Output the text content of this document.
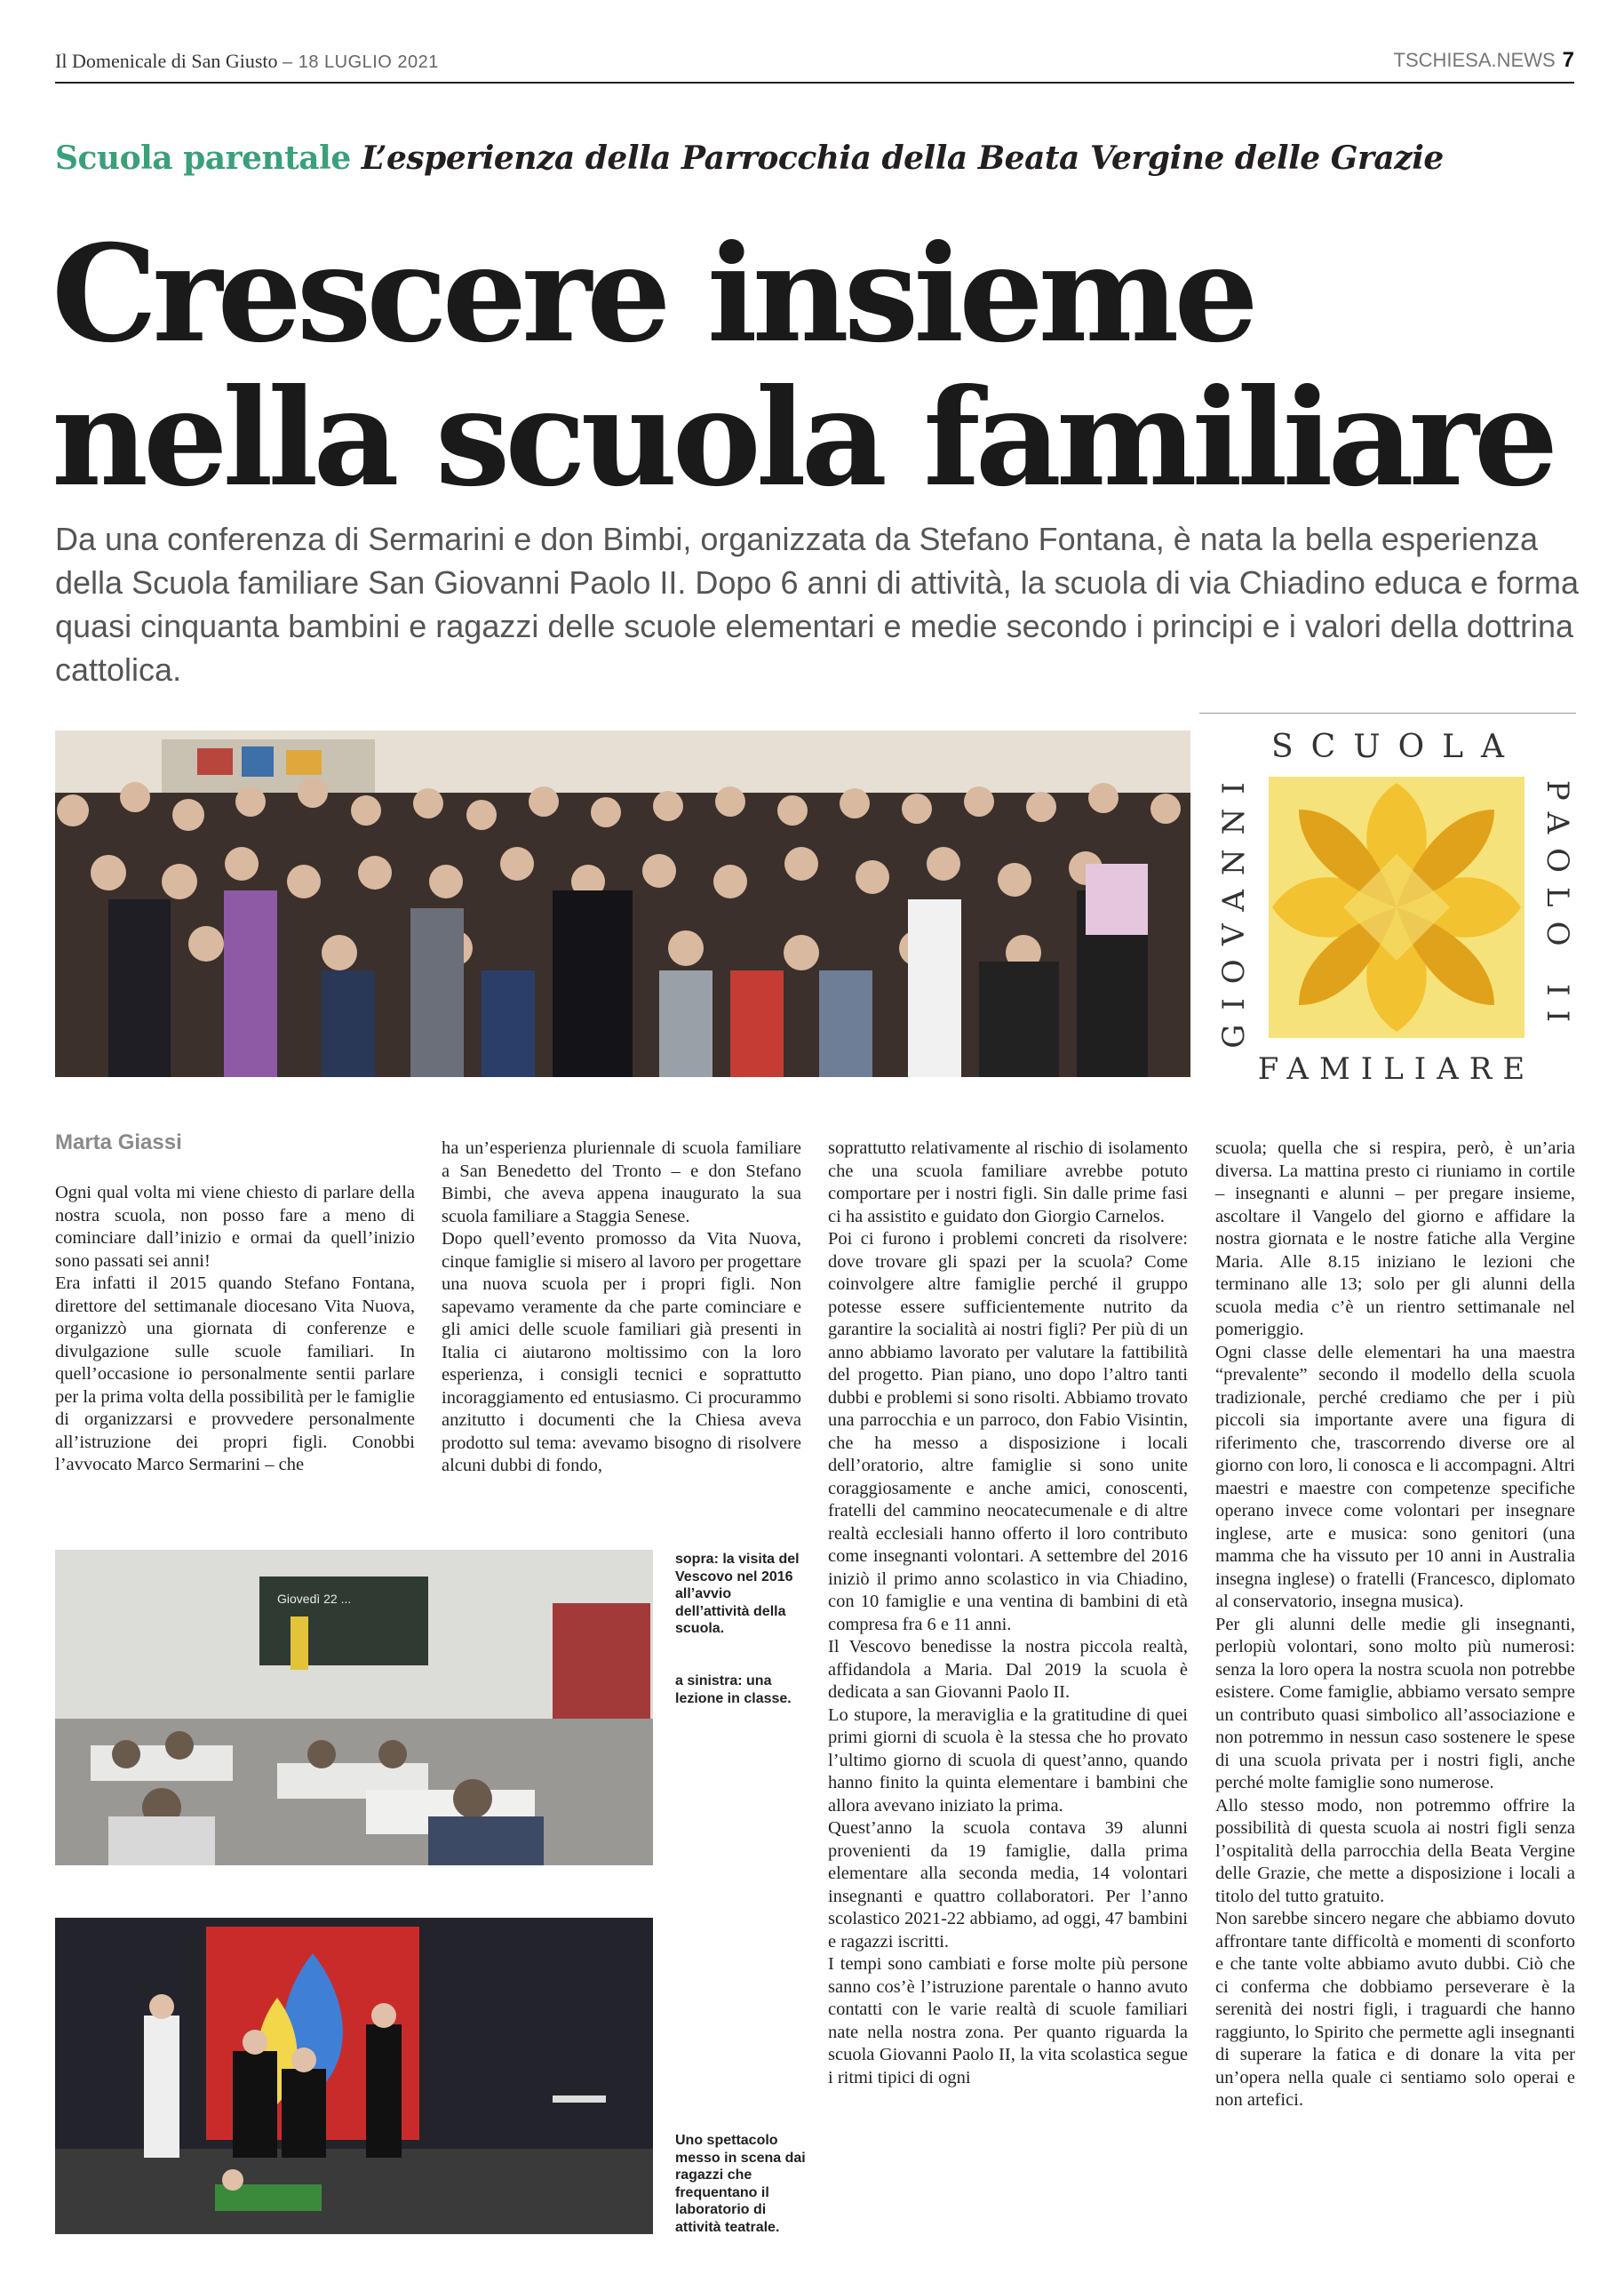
Il Domenicale di San Giusto – 18 LUGLIO 2021	TSCHIESA.NEWS 7
Scuola parentale L’esperienza della Parrocchia della Beata Vergine delle Grazie
Crescere insieme
nella scuola familiare
Da una conferenza di Sermarini e don Bimbi, organizzata da Stefano Fontana, è nata la bella esperienza della Scuola familiare San Giovanni Paolo II. Dopo 6 anni di attività, la scuola di via Chiadino educa e forma quasi cinquanta bambini e ragazzi delle scuole elementari e medie secondo i principi e i valori della dottrina cattolica.
SCUOLA
FAMILIARE
GIOVANNI	PAOLO II
Marta Giassi

Ogni qual volta mi viene chiesto di parlare della nostra scuola, non posso fare a meno di cominciare dall’inizio e ormai da quell’inizio sono passati sei anni!

Era infatti il 2015 quando Stefano Fontana, direttore del settimanale diocesano Vita Nuova, organizzò una giornata di conferenze e divulgazione sulle scuole familiari. In quell’occasione io personalmente sentii parlare per la prima volta della possibilità per le famiglie di organizzarsi e provvedere personalmente all’istruzione dei propri figli. Conobbi l’avvocato Marco Sermarini – che

ha un’esperienza pluriennale di scuola familiare a San Benedetto del Tronto – e don Stefano Bimbi, che aveva appena inaugurato la sua scuola familiare a Staggia Senese.

Dopo quell’evento promosso da Vita Nuova, cinque famiglie si misero al lavoro per progettare una nuova scuola per i propri figli. Non sapevamo veramente da che parte cominciare e gli amici delle scuole familiari già presenti in Italia ci aiutarono moltissimo con la loro esperienza, i consigli tecnici e soprattutto incoraggiamento ed entusiasmo. Ci procurammo anzitutto i documenti che la Chiesa aveva prodotto sul tema: avevamo bisogno di risolvere alcuni dubbi di fondo,

soprattutto relativamente al rischio di isolamento che una scuola familiare avrebbe potuto comportare per i nostri figli. Sin dalle prime fasi ci ha assistito e guidato don Giorgio Carnelos.

Poi ci furono i problemi concreti da risolvere: dove trovare gli spazi per la scuola? Come coinvolgere altre famiglie perché il gruppo potesse essere sufficientemente nutrito da garantire la socialità ai nostri figli? Per più di un anno abbiamo lavorato per valutare la fattibilità del progetto. Pian piano, uno dopo l’altro tanti dubbi e problemi si sono risolti. Abbiamo trovato una parrocchia e un parroco, don Fabio Visintin, che ha messo a disposizione i locali dell’oratorio, altre famiglie si sono unite coraggiosamente e anche amici, conoscenti, fratelli del cammino neocatecumenale e di altre realtà ecclesiali hanno offerto il loro contributo come insegnanti volontari. A settembre del 2016 iniziò il primo anno scolastico in via Chiadino, con 10 famiglie e una ventina di bambini di età compresa fra 6 e 11 anni.

Il Vescovo benedisse la nostra piccola realtà, affidandola a Maria. Dal 2019 la scuola è dedicata a san Giovanni Paolo II.

Lo stupore, la meraviglia e la gratitudine di quei primi giorni di scuola è la stessa che ho provato l’ultimo giorno di scuola di quest’anno, quando hanno finito la quinta elementare i bambini che allora avevano iniziato la prima.

Quest’anno la scuola contava 39 alunni provenienti da 19 famiglie, dalla prima elementare alla seconda media, 14 volontari insegnanti e quattro collaboratori. Per l’anno scolastico 2021-22 abbiamo, ad oggi, 47 bambini e ragazzi iscritti.

I tempi sono cambiati e forse molte più persone sanno cos’è l’istruzione parentale o hanno avuto contatti con le varie realtà di scuole familiari nate nella nostra zona. Per quanto riguarda la scuola Giovanni Paolo II, la vita scolastica segue i ritmi tipici di ogni

scuola; quella che si respira, però, è un’aria diversa. La mattina presto ci riuniamo in cortile – insegnanti e alunni – per pregare insieme, ascoltare il Vangelo del giorno e affidare la nostra giornata e le nostre fatiche alla Vergine Maria. Alle 8.15 iniziano le lezioni che terminano alle 13; solo per gli alunni della scuola media c’è un rientro settimanale nel pomeriggio.

Ogni classe delle elementari ha una maestra “prevalente” secondo il modello della scuola tradizionale, perché crediamo che per i più piccoli sia importante avere una figura di riferimento che, trascorrendo diverse ore al giorno con loro, li conosca e li accompagni. Altri maestri e maestre con competenze specifiche operano invece come volontari per insegnare inglese, arte e musica: sono genitori (una mamma che ha vissuto per 10 anni in Australia insegna inglese) o fratelli (Francesco, diplomato al conservatorio, insegna musica).

Per gli alunni delle medie gli insegnanti, perlopiù volontari, sono molto più numerosi: senza la loro opera la nostra scuola non potrebbe esistere. Come famiglie, abbiamo versato sempre un contributo quasi simbolico all’associazione e non potremmo in nessun caso sostenere le spese di una scuola privata per i nostri figli, anche perché molte famiglie sono numerose.

Allo stesso modo, non potremmo offrire la possibilità di questa scuola ai nostri figli senza l’ospitalità della parrocchia della Beata Vergine delle Grazie, che mette a disposizione i locali a titolo del tutto gratuito.

Non sarebbe sincero negare che abbiamo dovuto affrontare tante difficoltà e momenti di sconforto e che tante volte abbiamo avuto dubbi. Ciò che ci conferma che dobbiamo perseverare è la serenità dei nostri figli, i traguardi che hanno raggiunto, lo Spirito che permette agli insegnanti di superare la fatica e di donare la vita per un’opera nella quale ci sentiamo solo operai e non artefici.

Giovedì 22 ...
sopra: la visita del Vescovo nel 2016 all’avvio dell’attività della scuola.
a sinistra: una lezione in classe.
Uno spettacolo messo in scena dai ragazzi che frequentano il laboratorio di attività teatrale.
